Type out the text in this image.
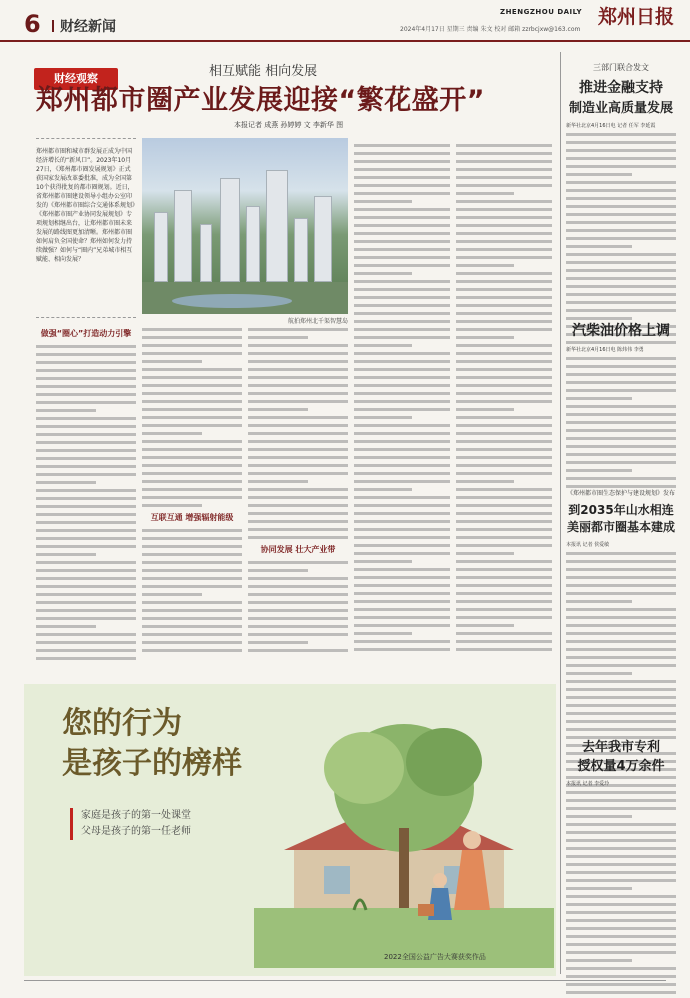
6	财经新闻
ZHENGZHOU DAILY 郑州日报
2024年4月17日 星期三 责编 朱文 校对 邮箱 zzrbcjxw@163.com
财经观察	相互赋能 相向发展
郑州都市圈产业发展迎接“繁花盛开”
本报记者 成燕 孙婷婷 文 李新华 图
郑州都市圈和城市群发展正成为中国经济增长的“新风口”。2023年10月27日，《郑州都市圈发展规划》正式获国家发展改革委批准，成为全国第10个获得批复的都市圈规划。近日，省郑州都市圈建设领导小组办公室印发的《郑州都市圈综合交通体系规划》《郑州都市圈产业协同发展规划》专项规划相继出台，让郑州都市圈未来发展的路线图更加清晰。郑州都市圈如何肩负全国使命？郑州如何发力持续做强？如何与“圈内”兄弟城市相互赋能、相向发展？
航拍郑州北千渠智慧岛
做强“圈心”打造动力引擎
互联互通 增强辐射能级
协同发展 壮大产业带
三部门联合发文
推进金融支持
制造业高质量发展
新华社北京4月16日电 记者 任军 李延霞
汽柴油价格上调
新华社北京4月16日电 陈炜伟 李勇
《郑州都市圈生态保护与建设规划》发布
到2035年山水相连
美丽都市圈基本建成
本报讯 记者 侯爱敏
去年我市专利
授权量4万余件
本报讯 记者 李爱玲
您的行为
是孩子的榜样
家庭是孩子的第一处课堂
父母是孩子的第一任老师
2022全国公益广告大赛获奖作品
